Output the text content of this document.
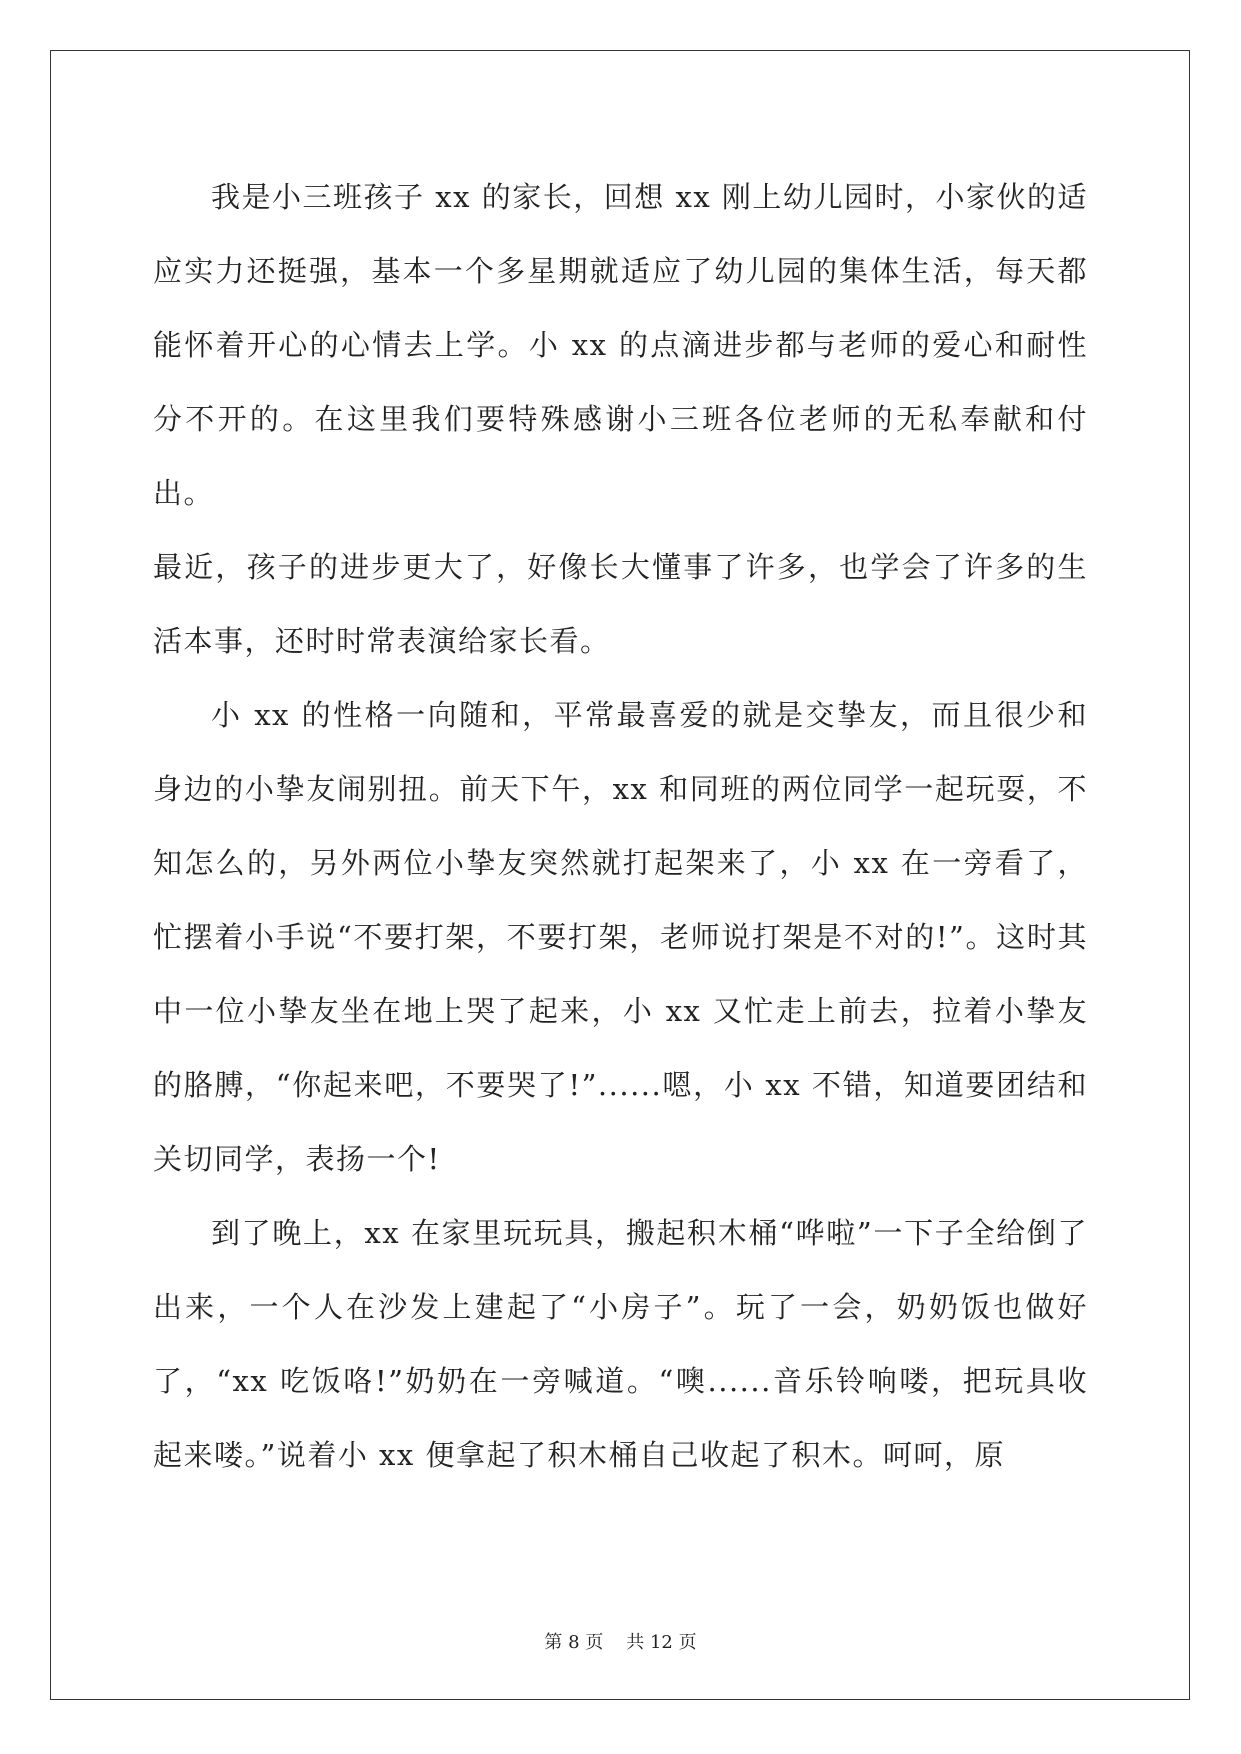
我是小三班孩子 xx 的家长，回想 xx 刚上幼儿园时，小家伙的适应实力还挺强，基本一个多星期就适应了幼儿园的集体生活，每天都能怀着开心的心情去上学。小 xx 的点滴进步都与老师的爱心和耐性分不开的。在这里我们要特殊感谢小三班各位老师的无私奉献和付出。

最近，孩子的进步更大了，好像长大懂事了许多，也学会了许多的生活本事，还时时常表演给家长看。

小 xx 的性格一向随和，平常最喜爱的就是交挚友，而且很少和身边的小挚友闹别扭。前天下午，xx 和同班的两位同学一起玩耍，不知怎么的，另外两位小挚友突然就打起架来了，小 xx 在一旁看了，忙摆着小手说“不要打架，不要打架，老师说打架是不对的!”。这时其中一位小挚友坐在地上哭了起来，小 xx 又忙走上前去，拉着小挚友的胳膊，“你起来吧，不要哭了!”......嗯，小 xx 不错，知道要团结和关切同学，表扬一个!

到了晚上，xx 在家里玩玩具，搬起积木桶“哗啦”一下子全给倒了出来，一个人在沙发上建起了“小房子”。玩了一会，奶奶饭也做好了，“xx 吃饭咯!”奶奶在一旁喊道。“噢......音乐铃响喽，把玩具收起来喽。”说着小 xx 便拿起了积木桶自己收起了积木。呵呵，原

第 8 页 共 12 页
